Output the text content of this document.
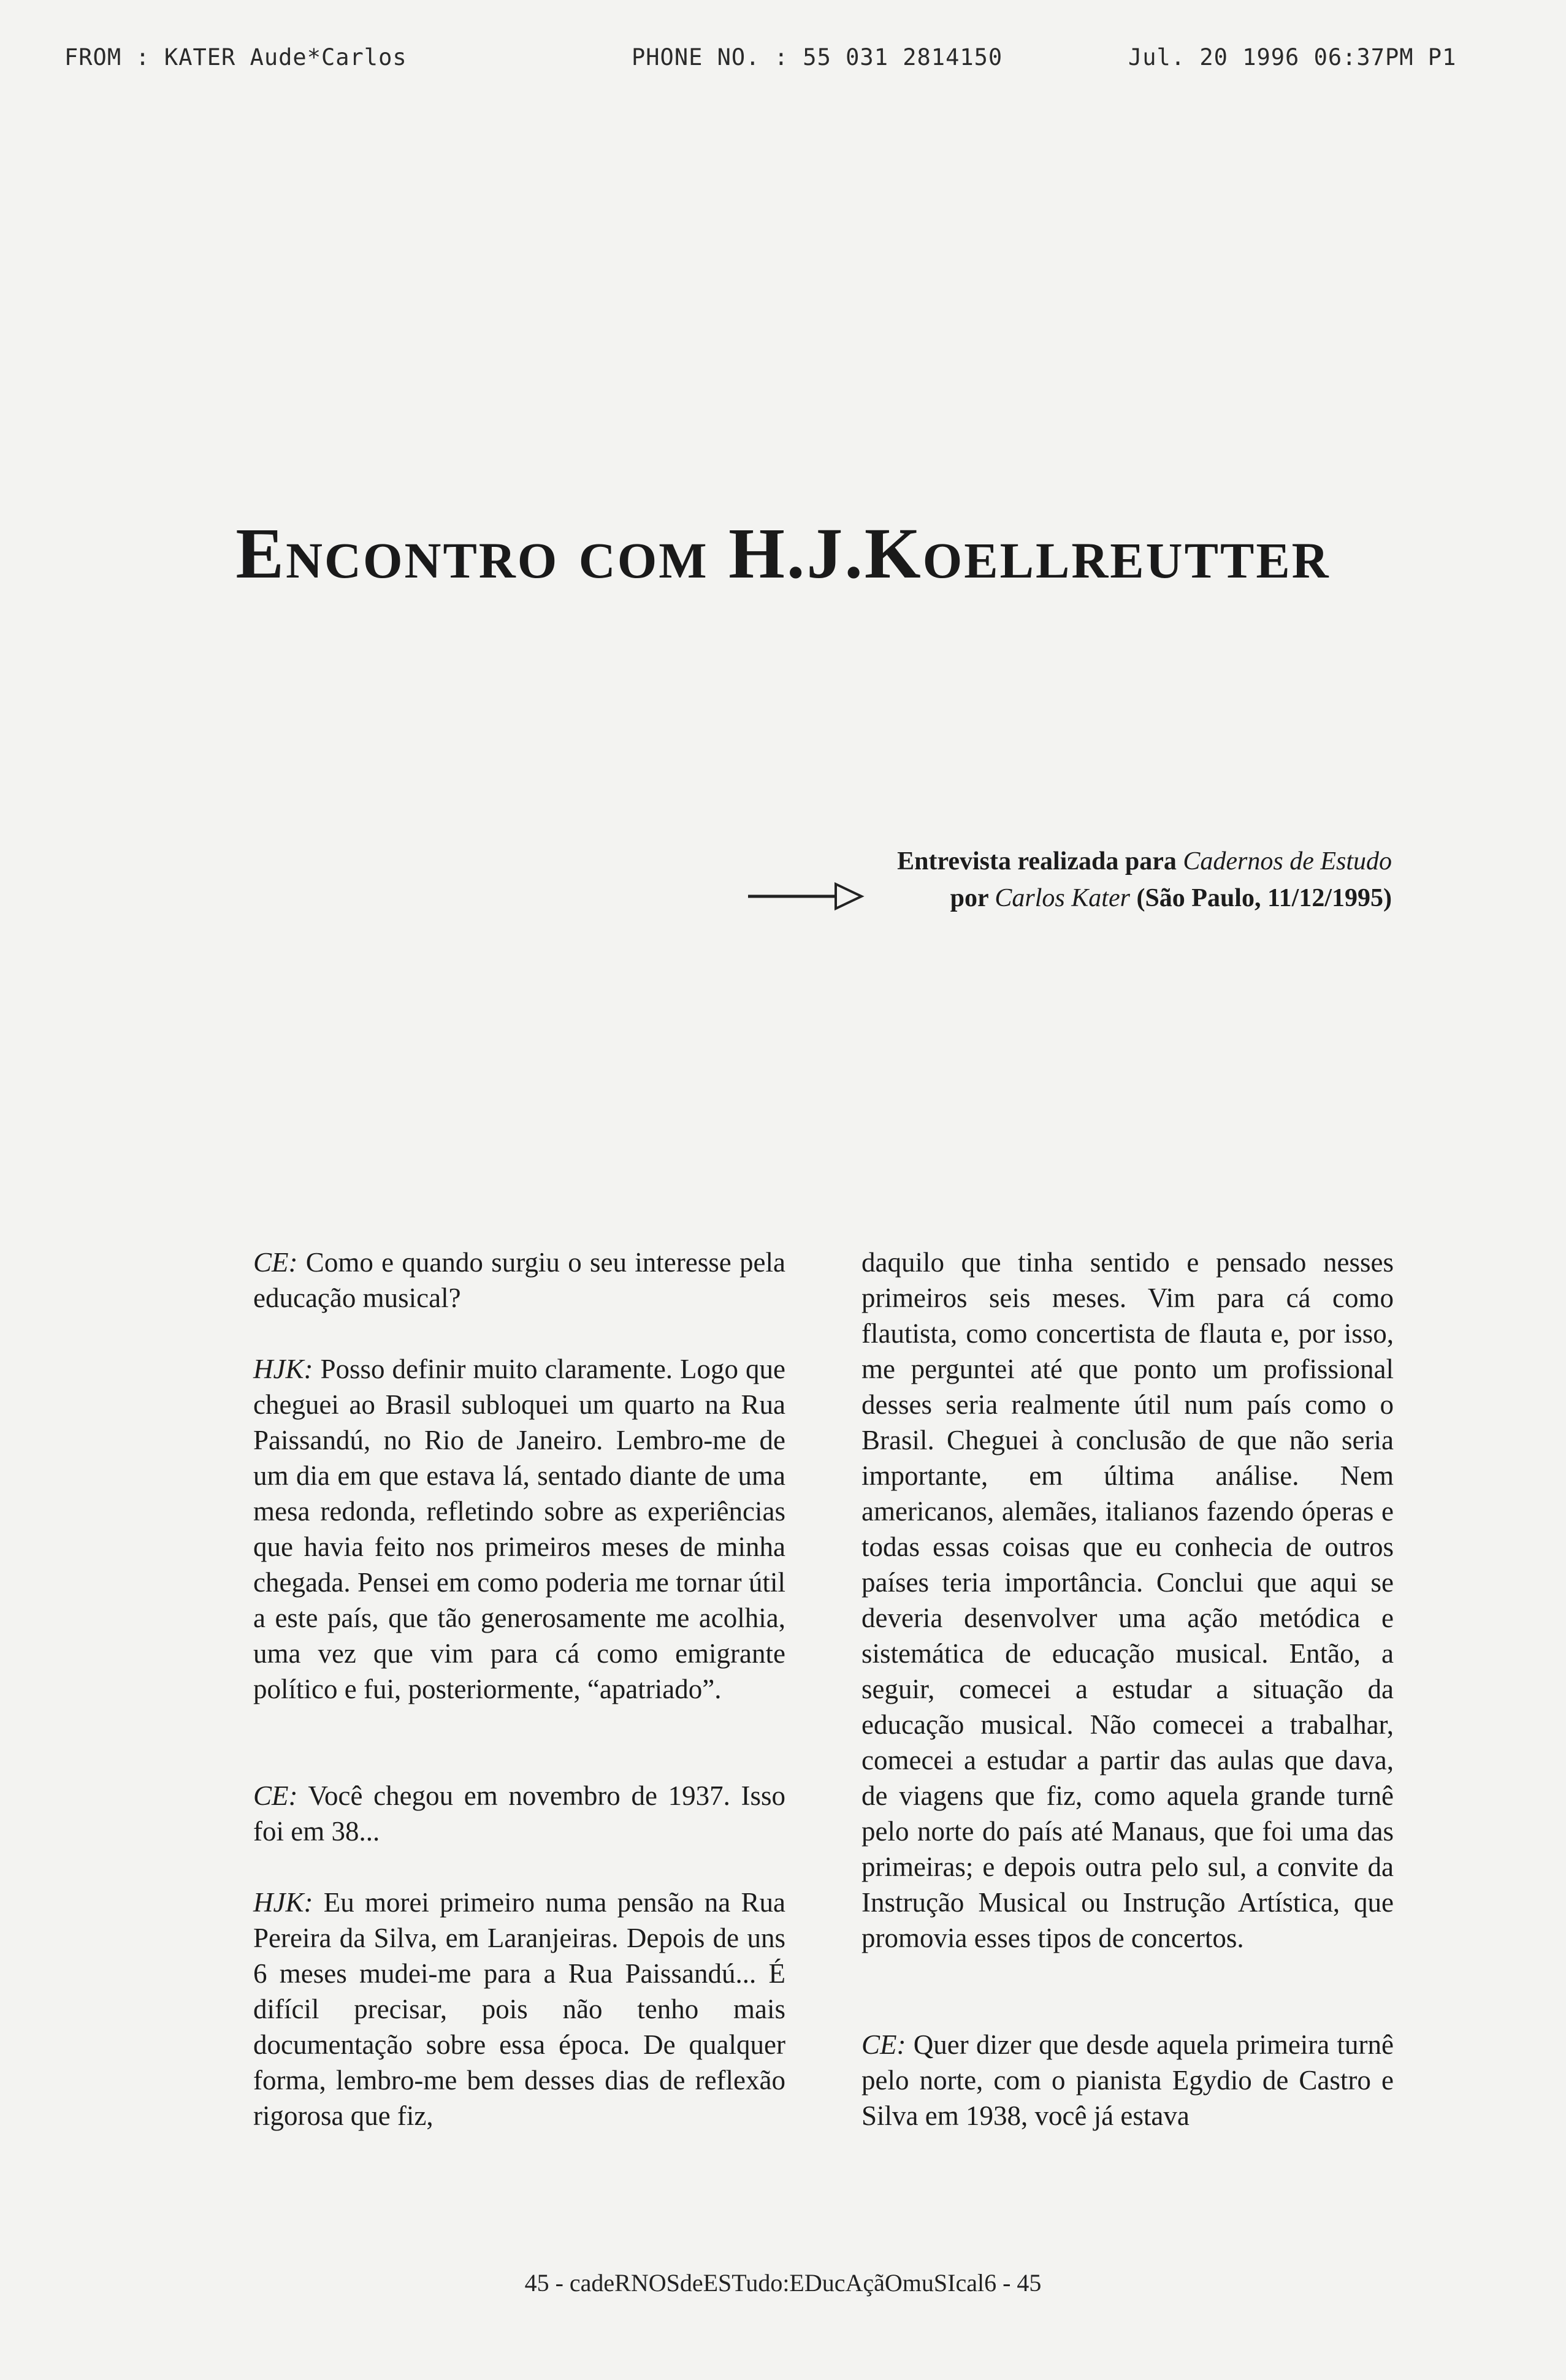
FROM : KATER Aude*Carlos	PHONE NO. : 55 031 2814150	Jul. 20 1996 06:37PM P1
Encontro com H.J.Koellreutter
Entrevista realizada para Cadernos de Estudo
por Carlos Kater (São Paulo, 11/12/1995)

CE: Como e quando surgiu o seu interesse pela educação musical?

HJK: Posso definir muito claramente. Logo que cheguei ao Brasil subloquei um quarto na Rua Paissandú, no Rio de Janeiro. Lembro-me de um dia em que estava lá, sentado diante de uma mesa redonda, refletindo sobre as experiências que havia feito nos primeiros meses de minha chegada. Pensei em como poderia me tornar útil a este país, que tão generosamente me acolhia, uma vez que vim para cá como emigrante político e fui, posteriormente, “apatriado”.

CE: Você chegou em novembro de 1937. Isso foi em 38...

HJK: Eu morei primeiro numa pensão na Rua Pereira da Silva, em Laranjeiras. Depois de uns 6 meses mudei-me para a Rua Paissandú... É difícil precisar, pois não tenho mais documentação sobre essa época. De qualquer forma, lembro-me bem desses dias de reflexão rigorosa que fiz,

daquilo que tinha sentido e pensado nesses primeiros seis meses. Vim para cá como flautista, como concertista de flauta e, por isso, me perguntei até que ponto um profissional desses seria realmente útil num país como o Brasil. Cheguei à conclusão de que não seria importante, em última análise. Nem americanos, alemães, italianos fazendo óperas e todas essas coisas que eu conhecia de outros países teria importância. Conclui que aqui se deveria desenvolver uma ação metódica e sistemática de educação musical. Então, a seguir, comecei a estudar a situação da educação musical. Não comecei a trabalhar, comecei a estudar a partir das aulas que dava, de viagens que fiz, como aquela grande turnê pelo norte do país até Manaus, que foi uma das primeiras; e depois outra pelo sul, a convite da Instrução Musical ou Instrução Artística, que promovia esses tipos de concertos.

CE: Quer dizer que desde aquela primeira turnê pelo norte, com o pianista Egydio de Castro e Silva em 1938, você já estava

45 - cadeRNOSdeESTudo:EDucAçãOmuSIcal6 - 45
